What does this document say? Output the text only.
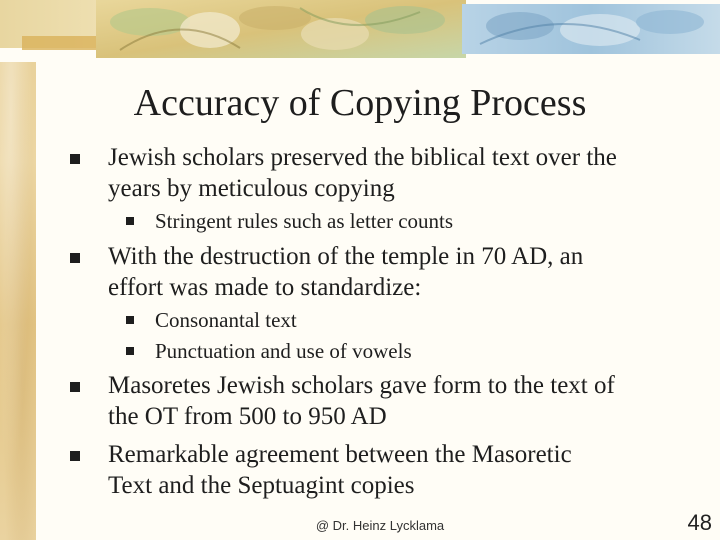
Accuracy of Copying Process
Jewish scholars preserved the biblical text over the
years by meticulous copying
Stringent rules such as letter counts
With the destruction of the temple in 70 AD, an
effort was made to standardize:
Consonantal text
Punctuation and use of vowels
Masoretes Jewish scholars gave form to the text of
the OT from 500 to 950 AD
Remarkable agreement between the Masoretic
Text and the Septuagint copies
@ Dr. Heinz Lycklama	48
